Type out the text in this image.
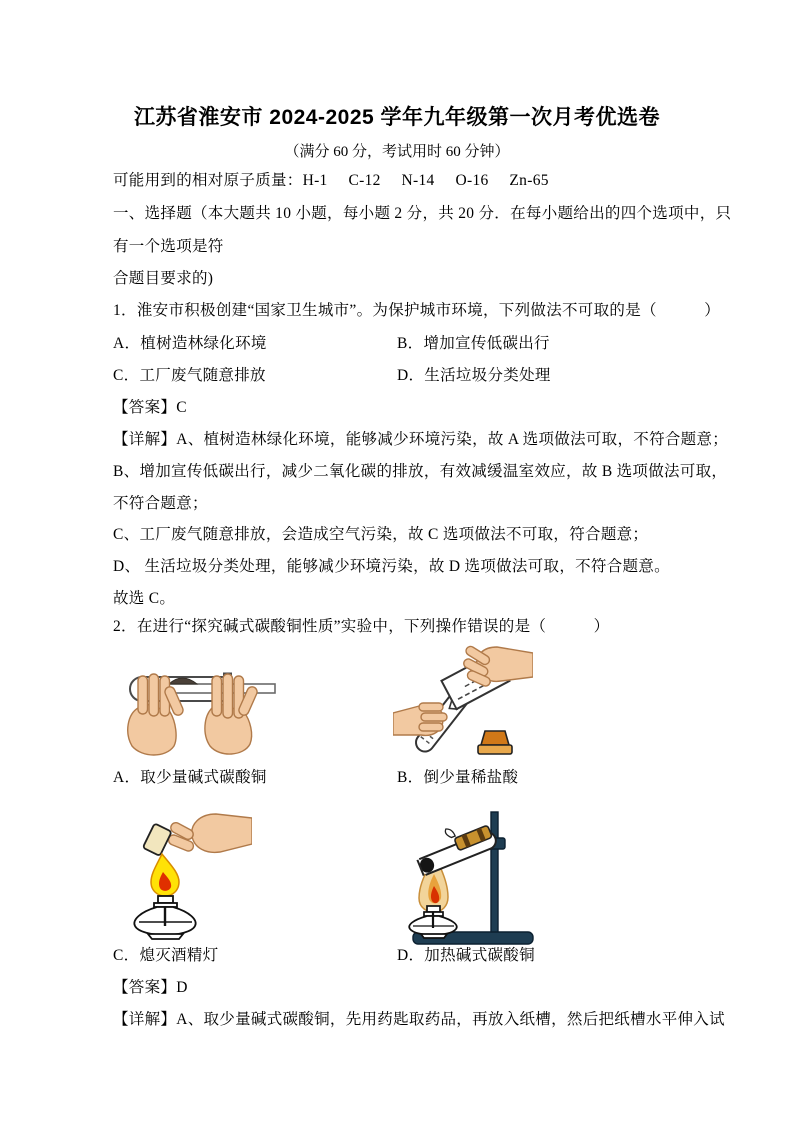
江苏省淮安市 2024-2025 学年九年级第一次月考优选卷
（满分 60 分，考试用时 60 分钟）
可能用到的相对原子质量：H-1     C-12     N-14     O-16     Zn-65
一、选择题（本大题共 10 小题，每小题 2 分，共 20 分．在每小题给出的四个选项中，只
有一个选项是符
合题目要求的)
1．淮安市积极创建“国家卫生城市”。为保护城市环境，下列做法不可取的是（　　　）
A．植树造林绿化环境	B．增加宣传低碳出行
C．工厂废气随意排放	D．生活垃圾分类处理
【答案】C
【详解】A、植树造林绿化环境，能够减少环境污染，故 A 选项做法可取，不符合题意；
B、增加宣传低碳出行，减少二氧化碳的排放，有效减缓温室效应，故 B 选项做法可取，
不符合题意；
C、工厂废气随意排放，会造成空气污染，故 C 选项做法不可取，符合题意；
D、 生活垃圾分类处理，能够减少环境污染，故 D 选项做法可取，不符合题意。
故选 C。
2．在进行“探究碱式碳酸铜性质”实验中，下列操作错误的是（　　　）
A．取少量碱式碳酸铜	B．倒少量稀盐酸
C．熄灭酒精灯	D．加热碱式碳酸铜
【答案】D
【详解】A、取少量碱式碳酸铜，先用药匙取药品，再放入纸槽，然后把纸槽水平伸入试
